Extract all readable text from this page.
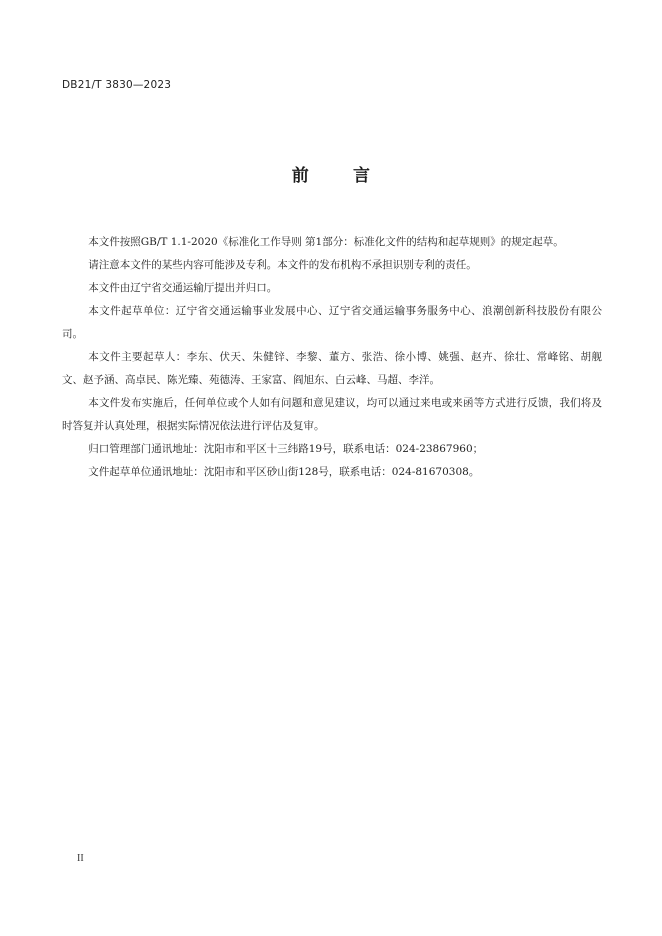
DB21/T 3830—2023
前	言

本文件按照GB/T 1.1-2020《标准化工作导则 第1部分：标准化文件的结构和起草规则》的规定起草。

请注意本文件的某些内容可能涉及专利。本文件的发布机构不承担识别专利的责任。

本文件由辽宁省交通运输厅提出并归口。

本文件起草单位：辽宁省交通运输事业发展中心、辽宁省交通运输事务服务中心、浪潮创新科技股份有限公司。

本文件主要起草人：李东、伏天、朱健锌、李黎、董方、张浩、徐小博、姚强、赵卉、徐壮、常峰铭、胡舰文、赵予涵、高卓民、陈光臻、苑德涛、王家富、阎旭东、白云峰、马超、李洋。

本文件发布实施后，任何单位或个人如有问题和意见建议，均可以通过来电或来函等方式进行反馈，我们将及时答复并认真处理，根据实际情况依法进行评估及复审。

归口管理部门通讯地址：沈阳市和平区十三纬路19号，联系电话：024-23867960；

文件起草单位通讯地址：沈阳市和平区砂山街128号，联系电话：024-81670308。

II
